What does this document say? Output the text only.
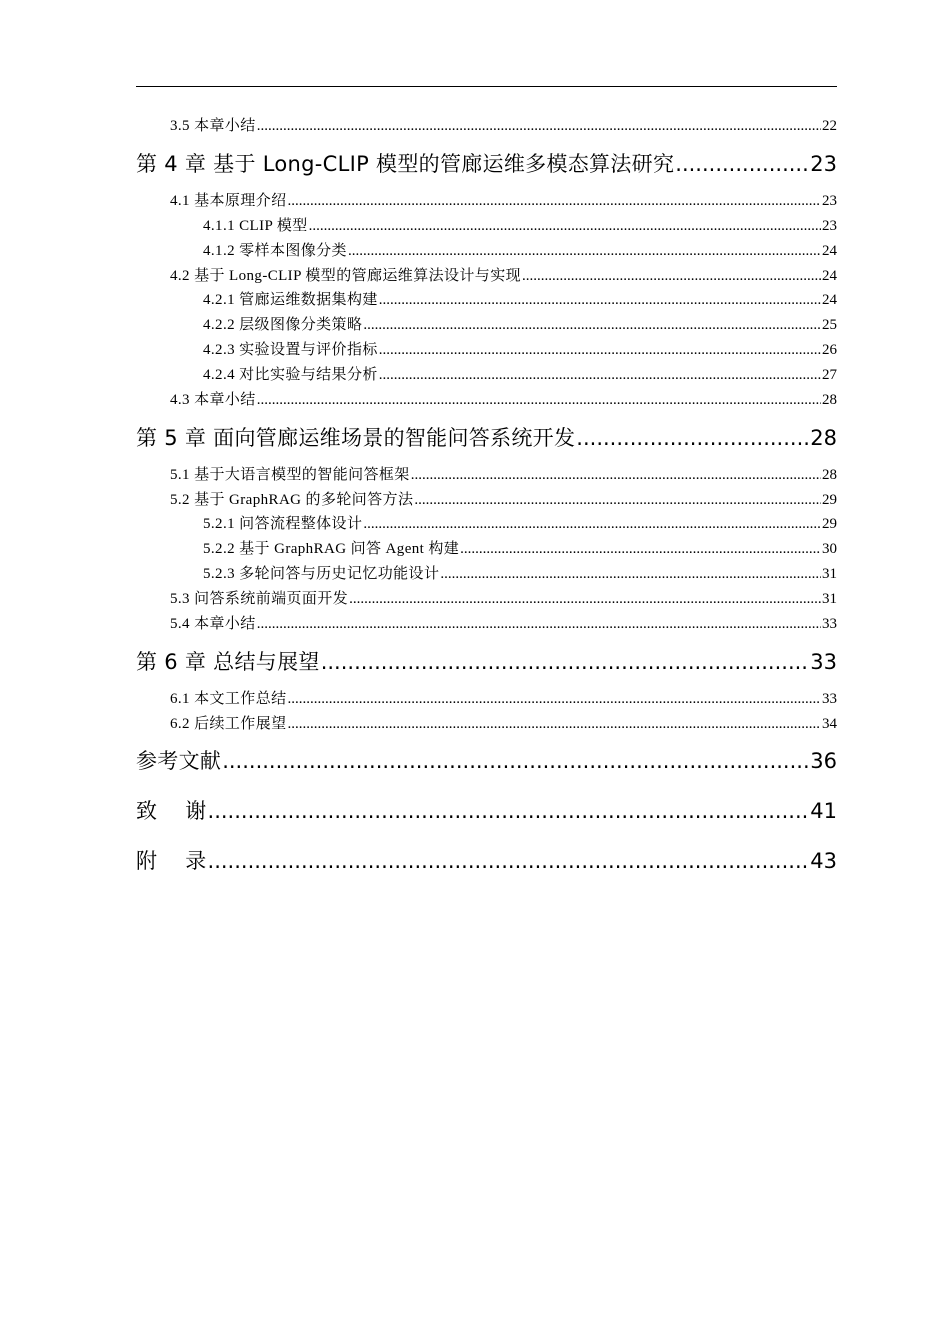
3.5 本章小结 .....	22
第 4 章 基于 Long-CLIP 模型的管廊运维多模态算法研究 .....	23
4.1 基本原理介绍 .....	23
4.1.1 CLIP 模型 .....	23
4.1.2 零样本图像分类 .....	24
4.2 基于 Long-CLIP 模型的管廊运维算法设计与实现 .....	24
4.2.1 管廊运维数据集构建 .....	24
4.2.2 层级图像分类策略 .....	25
4.2.3 实验设置与评价指标 .....	26
4.2.4 对比实验与结果分析 .....	27
4.3 本章小结 .....	28
第 5 章 面向管廊运维场景的智能问答系统开发 .....	28
5.1 基于大语言模型的智能问答框架 .....	28
5.2 基于 GraphRAG 的多轮问答方法 .....	29
5.2.1 问答流程整体设计 .....	29
5.2.2 基于 GraphRAG 问答 Agent 构建 .....	30
5.2.3 多轮问答与历史记忆功能设计 .....	31
5.3 问答系统前端页面开发 .....	31
5.4 本章小结 .....	33
第 6 章 总结与展望 .....	33
6.1 本文工作总结 .....	33
6.2 后续工作展望 .....	34
参考文献 .....	36
致    谢 .....	41
附    录 .....	43
